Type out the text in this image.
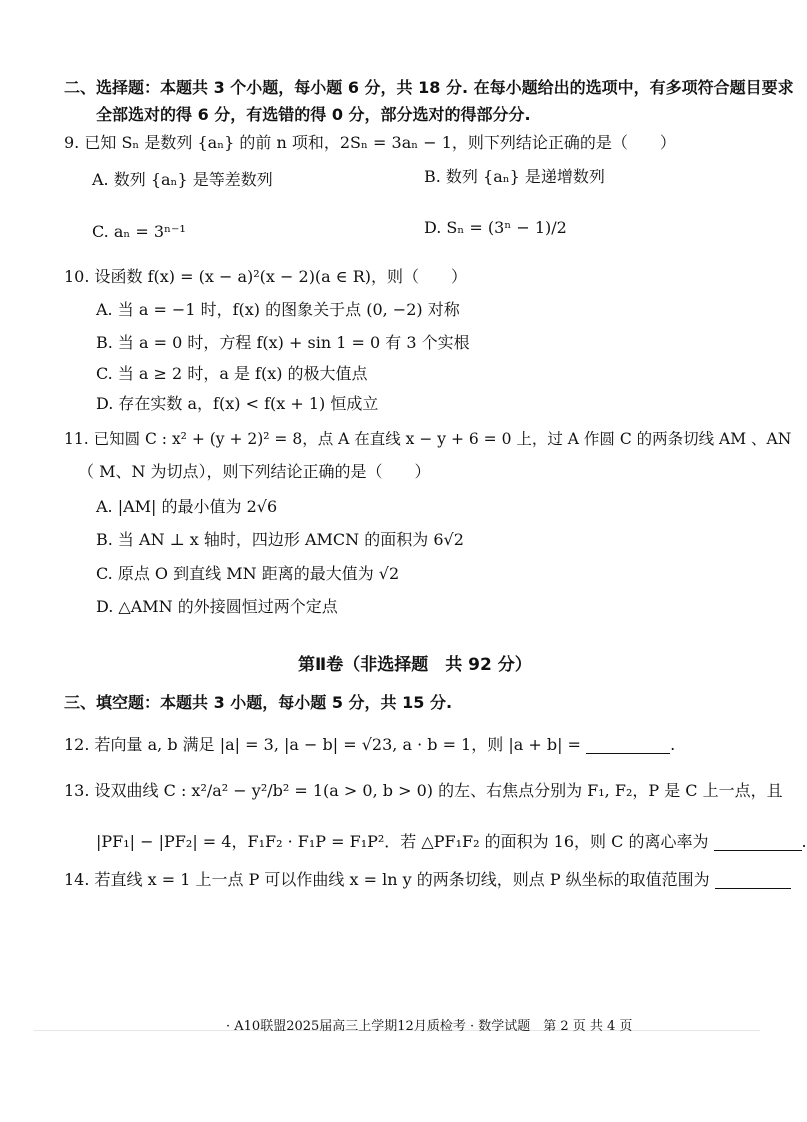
二、选择题：本题共 3 个小题，每小题 6 分，共 18 分. 在每小题给出的选项中，有多项符合题目要求
全部选对的得 6 分，有选错的得 0 分，部分选对的得部分分.
9. 已知 Sₙ 是数列 {aₙ} 的前 n 项和，2Sₙ = 3aₙ − 1，则下列结论正确的是（　　）
A. 数列 {aₙ} 是等差数列	B. 数列 {aₙ} 是递增数列
C. aₙ = 3ⁿ⁻¹	D. Sₙ = (3ⁿ − 1)/2
10. 设函数 f(x) = (x − a)²(x − 2)(a ∈ R)，则（　　）
A. 当 a = −1 时，f(x) 的图象关于点 (0, −2) 对称
B. 当 a = 0 时，方程 f(x) + sin 1 = 0 有 3 个实根
C. 当 a ≥ 2 时，a 是 f(x) 的极大值点
D. 存在实数 a，f(x) < f(x + 1) 恒成立
11. 已知圆 C : x² + (y + 2)² = 8，点 A 在直线 x − y + 6 = 0 上，过 A 作圆 C 的两条切线 AM 、AN
（ M、N 为切点），则下列结论正确的是（　　）
A. |AM| 的最小值为 2√6
B. 当 AN ⊥ x 轴时，四边形 AMCN 的面积为 6√2
C. 原点 O 到直线 MN 距离的最大值为 √2
D. △AMN 的外接圆恒过两个定点
第Ⅱ卷（非选择题　共 92 分）
三、填空题：本题共 3 小题，每小题 5 分，共 15 分.
12. 若向量 a, b 满足 |a| = 3, |a − b| = √23, a · b = 1，则 |a + b| =	.
13. 设双曲线 C : x²/a² − y²/b² = 1(a > 0, b > 0) 的左、右焦点分别为 F₁, F₂，P 是 C 上一点，且
|PF₁| − |PF₂| = 4，F₁F₂ · F₁P = F₁P²．若 △PF₁F₂ 的面积为 16，则 C 的离心率为	.
14. 若直线 x = 1 上一点 P 可以作曲线 x = ln y 的两条切线，则点 P 纵坐标的取值范围为
· A10联盟2025届高三上学期12月质检考 · 数学试题　第 2 页 共 4 页
